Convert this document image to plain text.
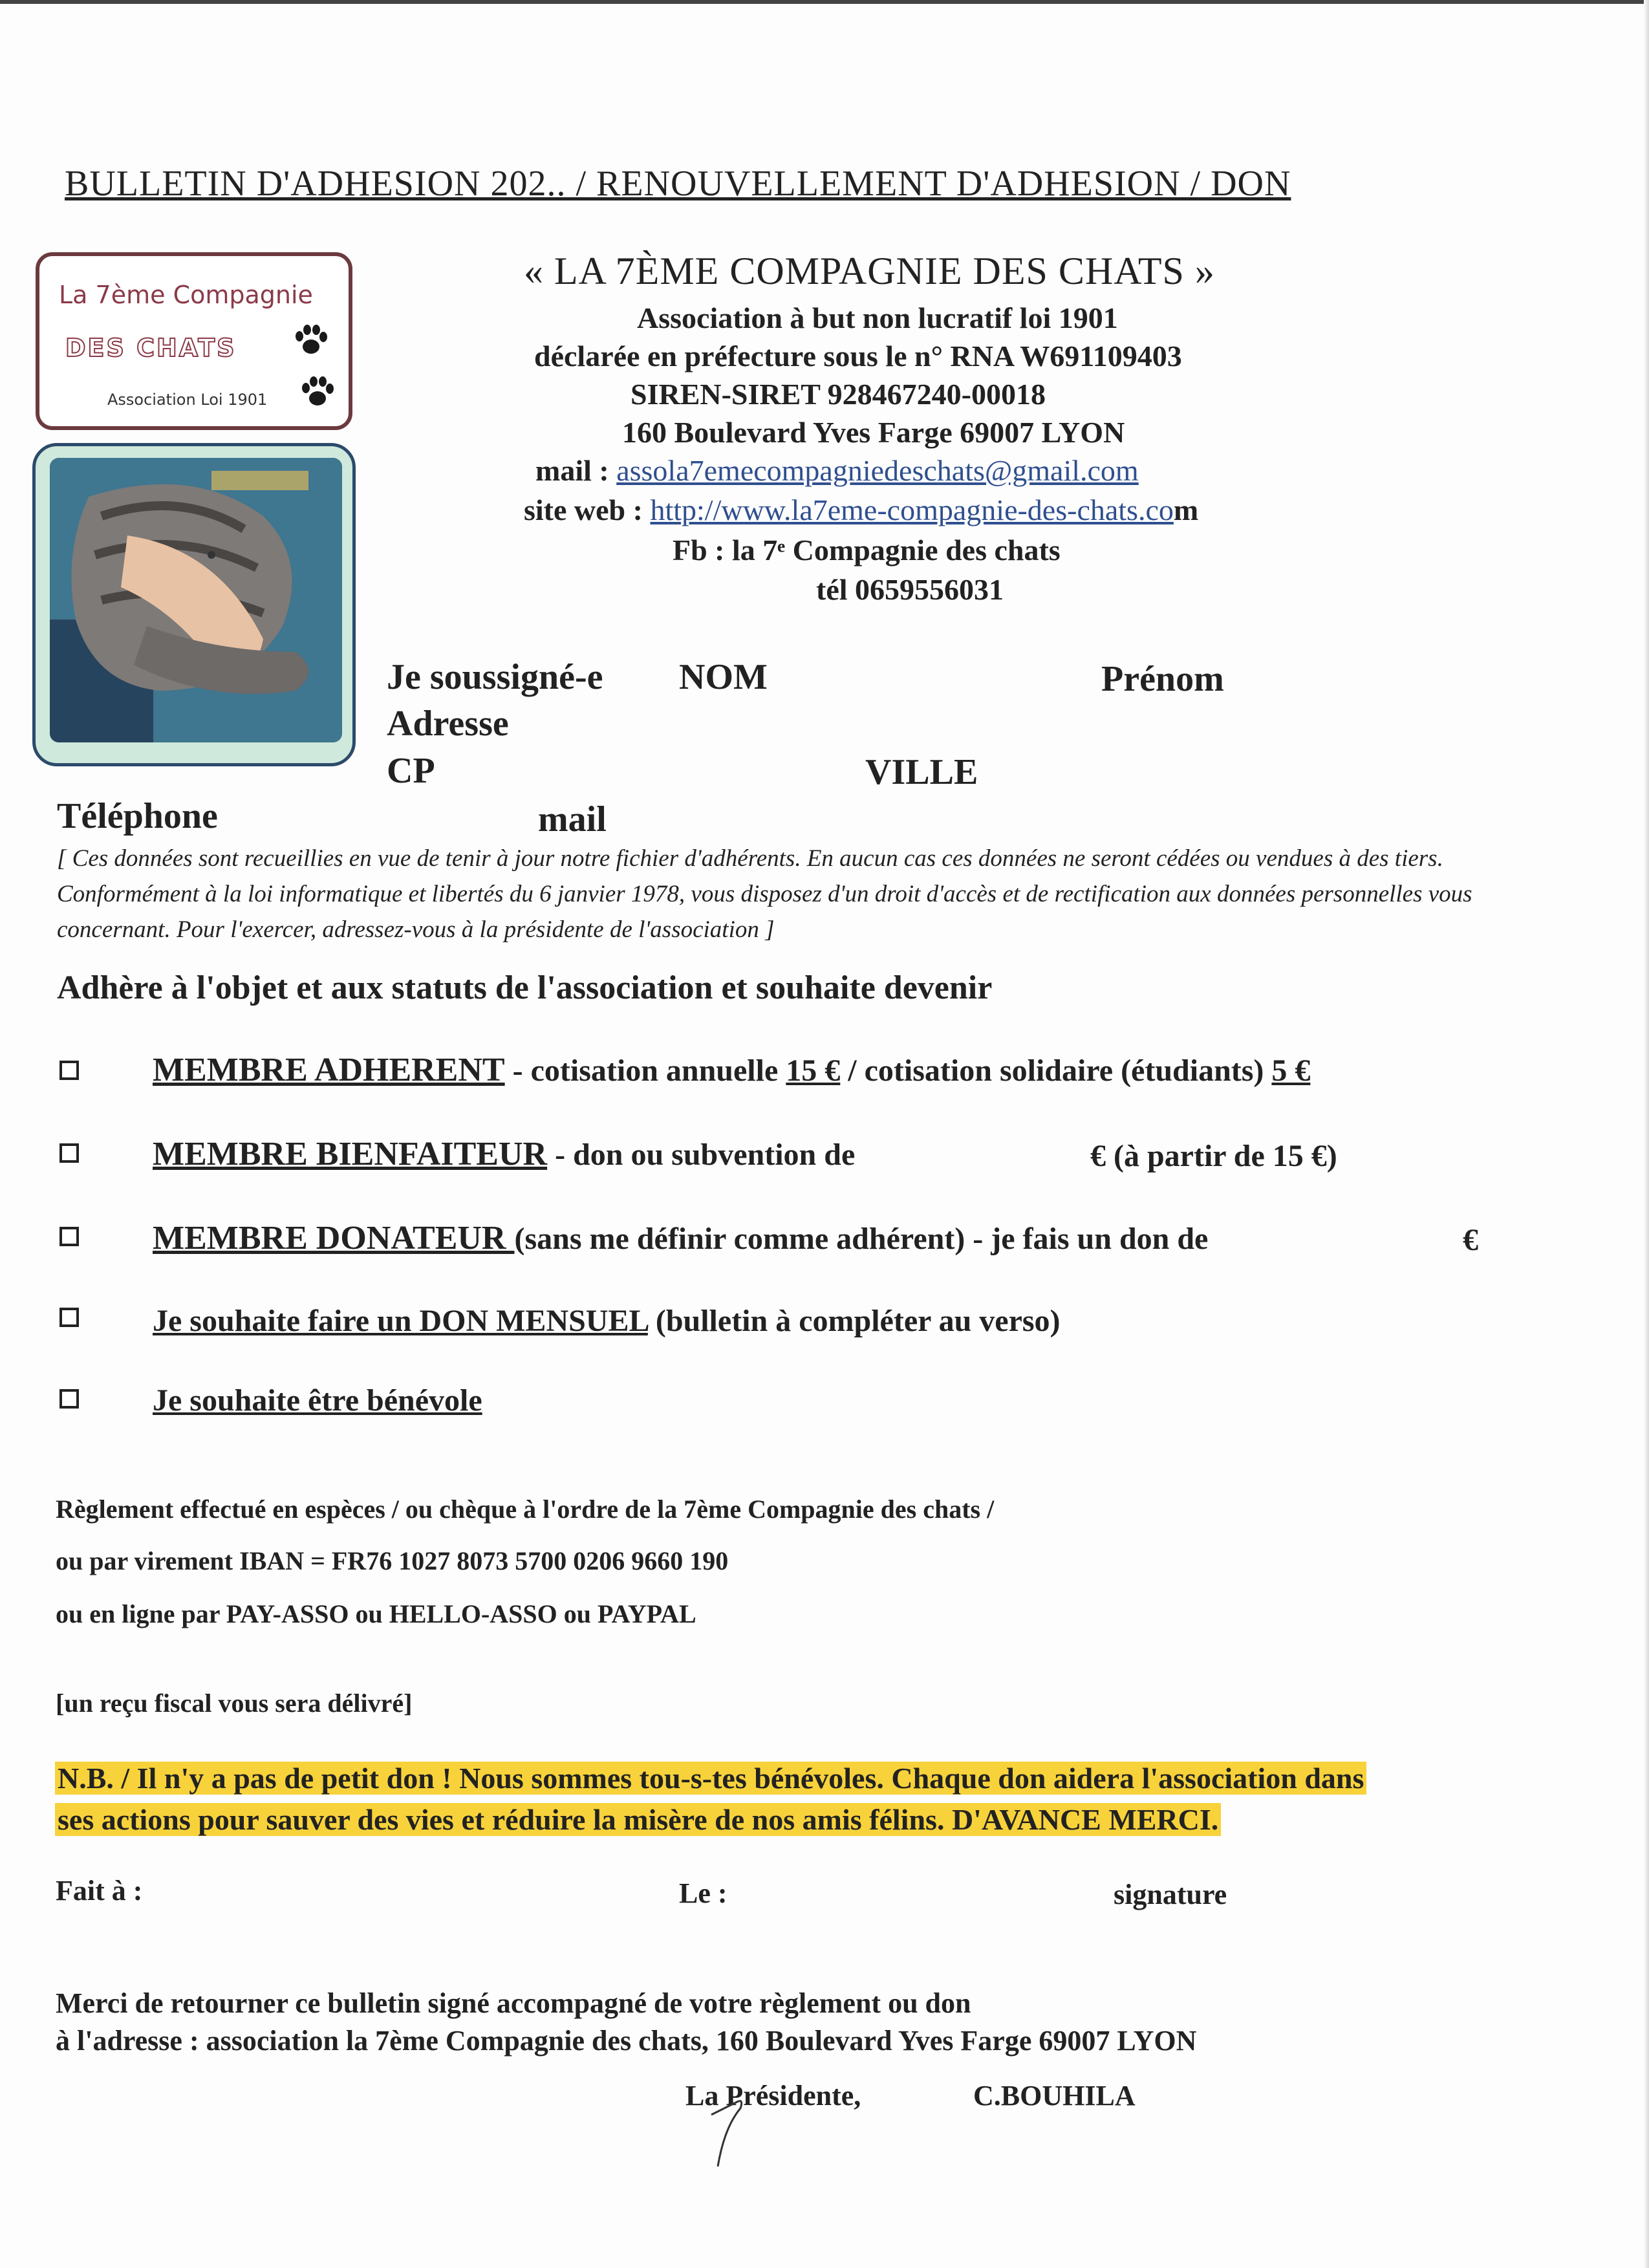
BULLETIN D'ADHESION 202.. / RENOUVELLEMENT D'ADHESION / DON
La 7ème Compagnie
DES CHATS
Association Loi 1901
« LA 7ÈME COMPAGNIE DES CHATS »
Association à but non lucratif loi 1901
déclarée en préfecture sous le n° RNA W691109403
SIREN-SIRET 928467240-00018
160 Boulevard Yves Farge 69007 LYON
mail : assola7emecompagniedeschats@gmail.com
site web : http://www.la7eme-compagnie-des-chats.com
Fb : la 7ᵉ Compagnie des chats
tél 0659556031
Je soussigné-e NOM	Prénom
Adresse
CP	VILLE
Téléphone	mail
[ Ces données sont recueillies en vue de tenir à jour notre fichier d'adhérents. En aucun cas ces données ne seront cédées ou vendues à des tiers. Conformément à la loi informatique et libertés du 6 janvier 1978, vous disposez d'un droit d'accès et de rectification aux données personnelles vous concernant. Pour l'exercer, adressez-vous à la présidente de l'association ]
Adhère à l'objet et aux statuts de l'association et souhaite devenir
MEMBRE ADHERENT - cotisation annuelle 15 € / cotisation solidaire (étudiants) 5 €
MEMBRE BIENFAITEUR - don ou subvention de	€ (à partir de 15 €)
MEMBRE DONATEUR (sans me définir comme adhérent) - je fais un don de	€
Je souhaite faire un DON MENSUEL (bulletin à compléter au verso)
Je souhaite être bénévole
Règlement effectué en espèces / ou chèque à l'ordre de la 7ème Compagnie des chats /
ou par virement IBAN = FR76 1027 8073 5700 0206 9660 190
ou en ligne par PAY-ASSO ou HELLO-ASSO ou PAYPAL
[un reçu fiscal vous sera délivré]
N.B. / Il n'y a pas de petit don ! Nous sommes tou-s-tes bénévoles. Chaque don aidera l'association dans ses actions pour sauver des vies et réduire la misère de nos amis félins. D'AVANCE MERCI.
Fait à :	Le :	signature
Merci de retourner ce bulletin signé accompagné de votre règlement ou don
à l'adresse : association la 7ème Compagnie des chats, 160 Boulevard Yves Farge 69007 LYON
La Présidente,	C.BOUHILA
